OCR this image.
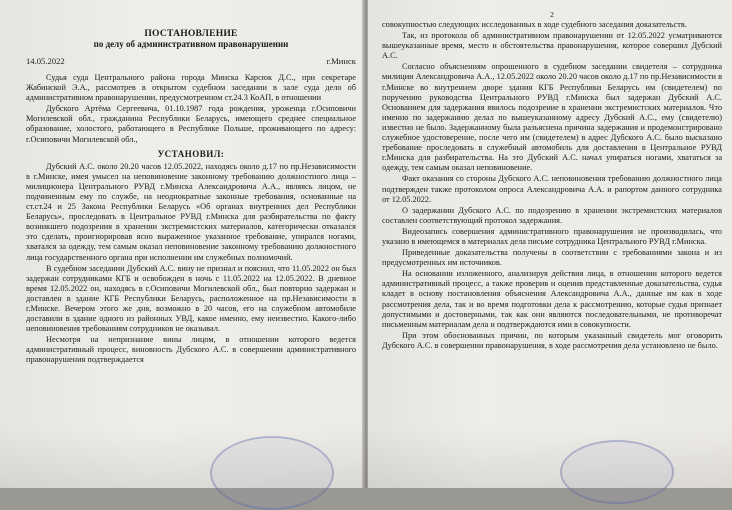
ПОСТАНОВЛЕНИЕ
по делу об административном правонарушении
14.05.2022	г.Минск

Судья суда Центрального района города Минска Карсюк Д.С., при секретаре Жабинской Э.А., рассмотрев в открытом судебном заседании в зале суда дело об административном правонарушении, предусмотренном ст.24.3 КоАП, в отношении

Дубского Артёма Сергеевича, 01.10.1987 года рождения, уроженца г.Осиповичи Могилевской обл., гражданина Республики Беларусь, имеющего среднее специальное образование, холостого, работающего в Республике Польше, проживающего по адресу: г.Осиповичи Могилевской обл.,

УСТАНОВИЛ:

Дубский А.С. около 20.20 часов 12.05.2022, находясь около д.17 по пр.Независимости в г.Минске, имея умысел на неповиновение законному требованию должностного лица – милиционера Центрального РУВД г.Минска Александровича А.А., являясь лицом, не подчиненным ему по службе, на неоднократные законные требования, основанные на ст.ст.24 и 25 Закона Республики Беларусь «Об органах внутренних дел Республики Беларусь», проследовать в Центральное РУВД г.Минска для разбирательства по факту возникшего подозрения в хранении экстремистских материалов, категорически отказался это сделать, проигнорировав ясно выраженное указанное требование, упирался ногами, хватался за одежду, тем самым оказал неповиновение законному требованию должностного лица государственного органа при исполнении им служебных полномочий.

В судебном заседании Дубский А.С. вину не признал и пояснил, что 11.05.2022 он был задержан сотрудниками КГБ и освобожден в ночь с 11.05.2022 на 12.05.2022. В дневное время 12.05.2022 он, находясь в г.Осиповичи Могилевской обл., был повторно задержан и доставлен в здание КГБ Республики Беларусь, расположенное на пр.Независимости в г.Минске. Вечером этого же дня, возможно в 20 часов, его на служебном автомобиле доставили в здание одного из районных УВД, какое именно, ему неизвестно. Какого-либо неповиновения требованиям сотрудников не оказывал.

Несмотря на непризнание вины лицом, в отношении которого ведется административный процесс, виновность Дубского А.С. в совершении административного правонарушения подтверждается

2

совокупностью следующих исследованных в ходе судебного заседания доказательств.

Так, из протокола об административном правонарушении от 12.05.2022 усматриваются вышеуказанные время, место и обстоятельства правонарушения, которое совершил Дубский А.С.

Согласно объяснениям опрошенного в судебном заседании свидетеля – сотрудника милиции Александровича А.А., 12.05.2022 около 20.20 часов около д.17 по пр.Независимости в г.Минске во внутреннем дворе здания КГБ Республики Беларусь им (свидетелем) по поручению руководства Центрального РУВД г.Минска был задержан Дубский А.С. Основанием для задержания явилось подозрение в хранении экстремистских материалов. Что именно по задержанию делал по вышеуказанному адресу Дубский А.С., ему (свидетелю) известно не было. Задержанному была разъяснена причина задержания и продемонстрировано служебное удостоверение, после чего им (свидетелем) в адрес Дубского А.С. было высказано требование проследовать в служебный автомобиль для доставления в Центральное РУВД г.Минска для разбирательства. На это Дубский А.С. начал упираться ногами, хвататься за одежду, тем самым оказал неповиновение.

Факт оказания со стороны Дубского А.С. неповиновения требованию должностного лица подтвержден также протоколом опроса Александровича А.А. и рапортом данного сотрудника от 12.05.2022.

О задержании Дубского А.С. по подозрению в хранении экстремистских материалов составлен соответствующий протокол задержания.

Видеозапись совершения административного правонарушения не производилась, что указано в имеющемся в материалах дела письме сотрудника Центрального РУВД г.Минска.

Приведенные доказательства получены в соответствии с требованиями закона и из предусмотренных им источников.

На основании изложенного, анализируя действия лица, в отношении которого ведется административный процесс, а также проверив и оценив представленные доказательства, судья кладет в основу постановления объяснения Александровича А.А., данные им как в ходе рассмотрения дела, так и во время подготовки дела к рассмотрению, которые судья признает допустимыми и достоверными, так как они являются последовательными, не противоречат письменным материалам дела и подтверждаются ими в совокупности.

При этом обоснованных причин, по которым указанный свидетель мог оговорить Дубского А.С. в совершении правонарушения, в ходе рассмотрения дела установлено не было.
